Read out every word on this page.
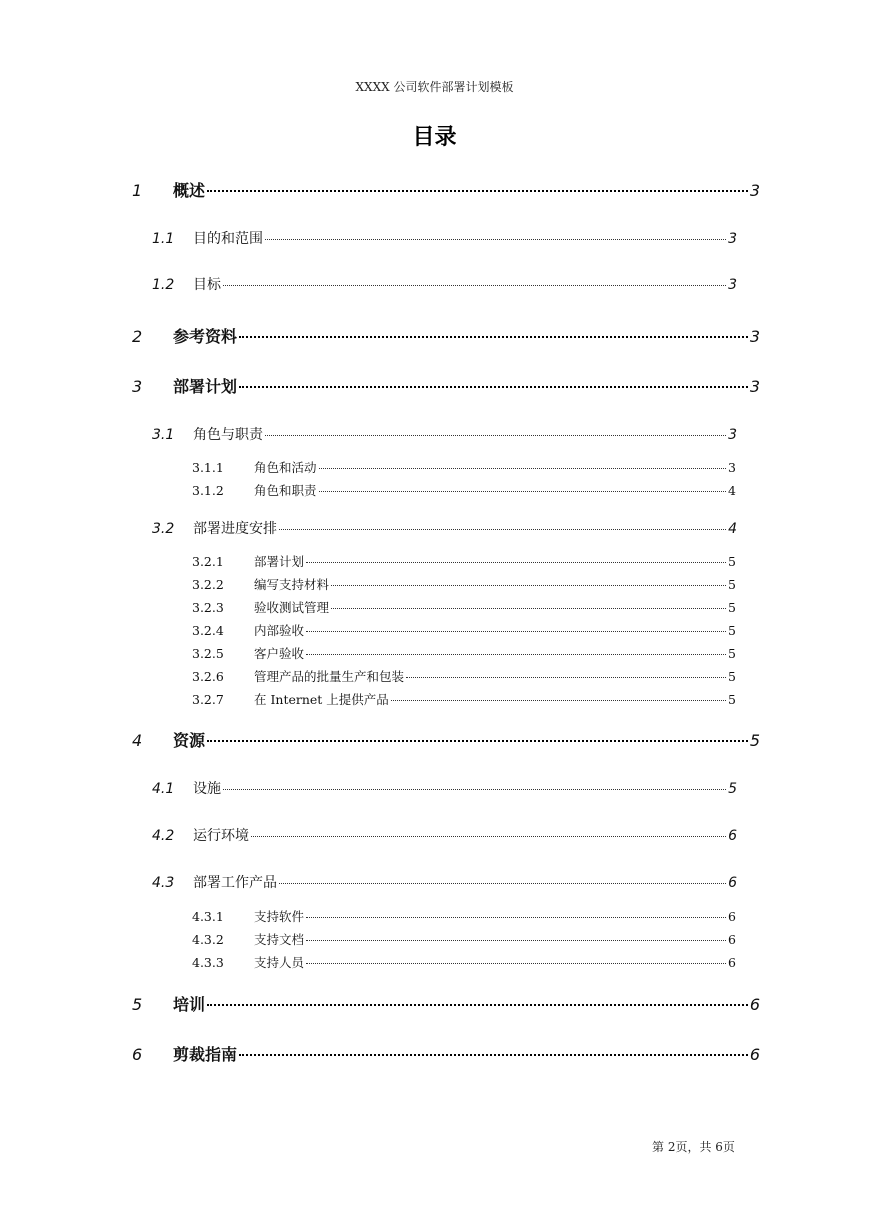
XXXX 公司软件部署计划模板
目录
1	概述	3
1.1	目的和范围	3
1.2	目标	3
2	参考资料	3
3	部署计划	3
3.1	角色与职责	3
3.1.1	角色和活动	3
3.1.2	角色和职责	4
3.2	部署进度安排	4
3.2.1	部署计划	5
3.2.2	编写支持材料	5
3.2.3	验收测试管理	5
3.2.4	内部验收	5
3.2.5	客户验收	5
3.2.6	管理产品的批量生产和包装	5
3.2.7	在 Internet 上提供产品	5
4	资源	5
4.1	设施	5
4.2	运行环境	6
4.3	部署工作产品	6
4.3.1	支持软件	6
4.3.2	支持文档	6
4.3.3	支持人员	6
5	培训	6
6	剪裁指南	6
第 2页，共 6页
